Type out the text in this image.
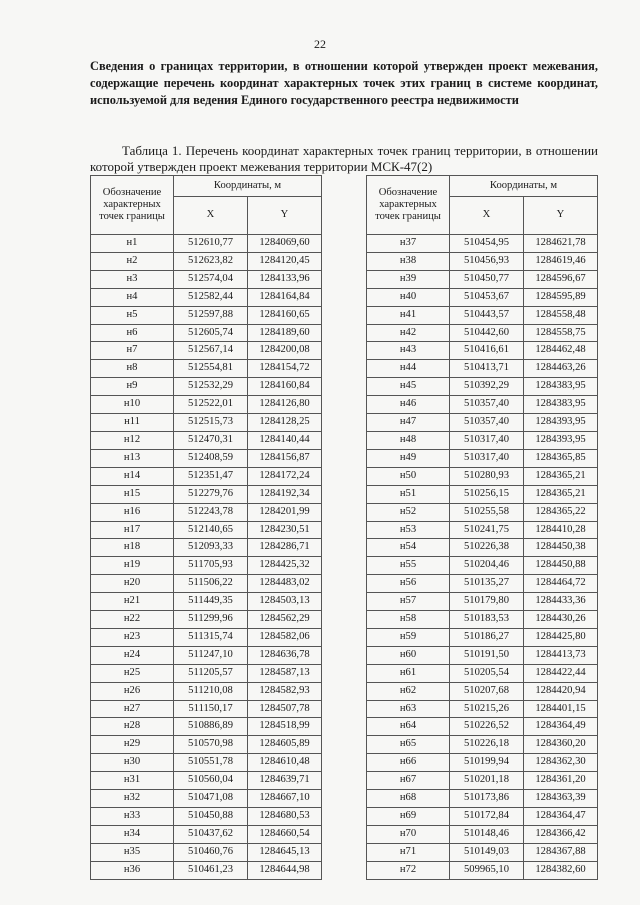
22
Сведения о границах территории, в отношении которой утвержден проект межевания, содержащие перечень координат характерных точек этих границ в системе координат, используемой для ведения Единого государственного реестра недвижимости
Таблица 1. Перечень координат характерных точек границ территории, в отношении которой утвержден проект межевания территории МСК-47(2)
Обозначение характерных точек границы	Координаты, м	
	X	Y
н1	512610,77	1284069,60
н2	512623,82	1284120,45
н3	512574,04	1284133,96
н4	512582,44	1284164,84
н5	512597,88	1284160,65
н6	512605,74	1284189,60
н7	512567,14	1284200,08
н8	512554,81	1284154,72
н9	512532,29	1284160,84
н10	512522,01	1284126,80
н11	512515,73	1284128,25
н12	512470,31	1284140,44
н13	512408,59	1284156,87
н14	512351,47	1284172,24
н15	512279,76	1284192,34
н16	512243,78	1284201,99
н17	512140,65	1284230,51
н18	512093,33	1284286,71
н19	511705,93	1284425,32
н20	511506,22	1284483,02
н21	511449,35	1284503,13
н22	511299,96	1284562,29
н23	511315,74	1284582,06
н24	511247,10	1284636,78
н25	511205,57	1284587,13
н26	511210,08	1284582,93
н27	511150,17	1284507,78
н28	510886,89	1284518,99
н29	510570,98	1284605,89
н30	510551,78	1284610,48
н31	510560,04	1284639,71
н32	510471,08	1284667,10
н33	510450,88	1284680,53
н34	510437,62	1284660,54
н35	510460,76	1284645,13
н36	510461,23	1284644,98
Обозначение характерных точек границы	Координаты, м	
	X	Y
н37	510454,95	1284621,78
н38	510456,93	1284619,46
н39	510450,77	1284596,67
н40	510453,67	1284595,89
н41	510443,57	1284558,48
н42	510442,60	1284558,75
н43	510416,61	1284462,48
н44	510413,71	1284463,26
н45	510392,29	1284383,95
н46	510357,40	1284383,95
н47	510357,40	1284393,95
н48	510317,40	1284393,95
н49	510317,40	1284365,85
н50	510280,93	1284365,21
н51	510256,15	1284365,21
н52	510255,58	1284365,22
н53	510241,75	1284410,28
н54	510226,38	1284450,38
н55	510204,46	1284450,88
н56	510135,27	1284464,72
н57	510179,80	1284433,36
н58	510183,53	1284430,26
н59	510186,27	1284425,80
н60	510191,50	1284413,73
н61	510205,54	1284422,44
н62	510207,68	1284420,94
н63	510215,26	1284401,15
н64	510226,52	1284364,49
н65	510226,18	1284360,20
н66	510199,94	1284362,30
н67	510201,18	1284361,20
н68	510173,86	1284363,39
н69	510172,84	1284364,47
н70	510148,46	1284366,42
н71	510149,03	1284367,88
н72	509965,10	1284382,60
